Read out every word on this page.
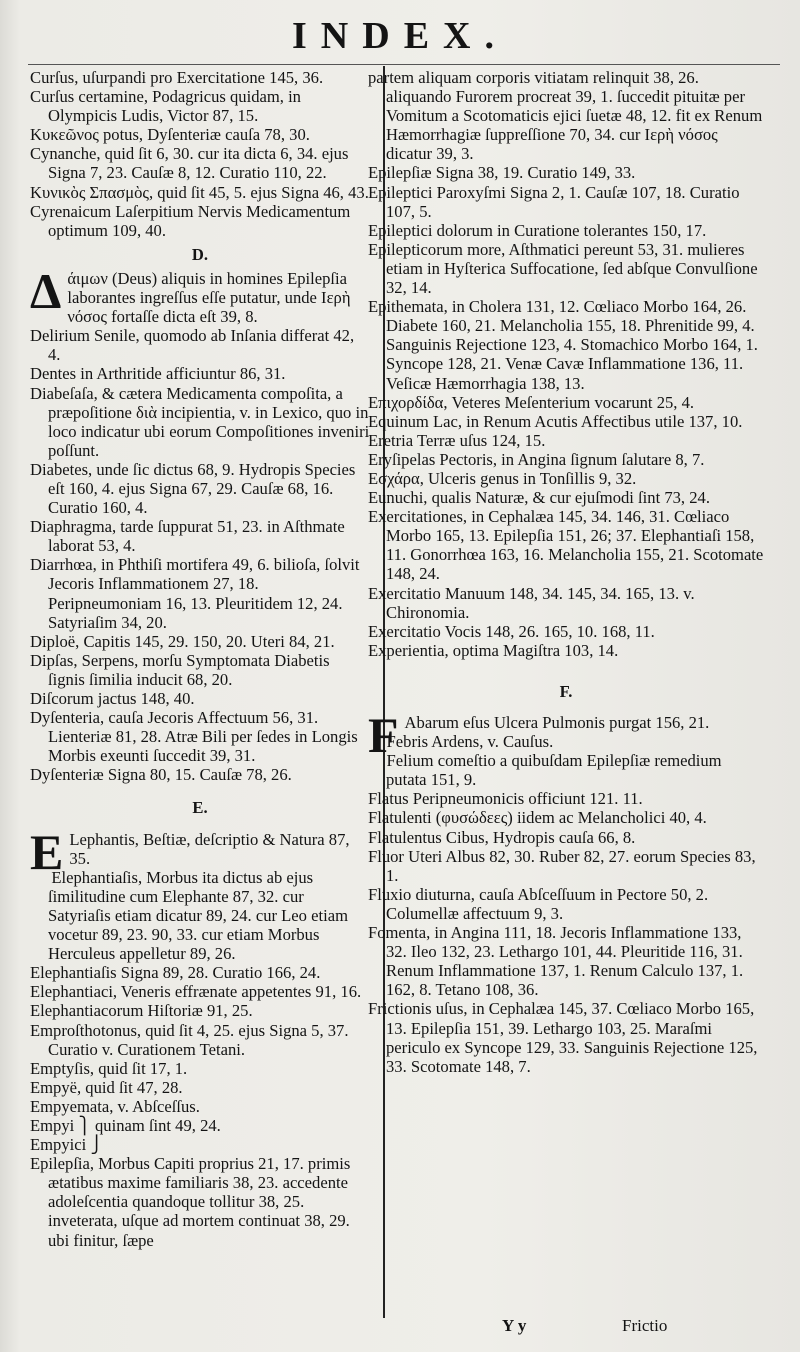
INDEX.

Curſus, uſurpandi pro Exercitatione 145, 36.

Curſus certamine, Podagricus quidam, in Olympicis Ludis, Victor 87, 15.

Κυκεῶνος potus, Dyſenteriæ cauſa 78, 30.

Cynanche, quid ſit 6, 30. cur ita dicta 6, 34. ejus Signa 7, 23. Cauſæ 8, 12. Curatio 110, 22.

Κυνικὸς Σπασμὸς, quid ſit 45, 5. ejus Signa 46, 43.

Cyrenaicum Laſerpitium Nervis Medicamentum optimum 109, 40.

D.

Δάιμων (Deus) aliquis in homines Epilepſia laborantes ingreſſus eſſe putatur, unde Ιερὴ νόσος fortaſſe dicta eſt 39, 8.

Delirium Senile, quomodo ab Inſania differat 42, 4.

Dentes in Arthritide afficiuntur 86, 31.

Diabeſaſa, & cætera Medicamenta compoſita, a præpoſitione διὰ incipientia, v. in Lexico, quo in loco indicatur ubi eorum Compoſitiones inveniri poſſunt.

Diabetes, unde ſic dictus 68, 9. Hydropis Species eſt 160, 4. ejus Signa 67, 29. Cauſæ 68, 16. Curatio 160, 4.

Diaphragma, tarde ſuppurat 51, 23. in Aſthmate laborat 53, 4.

Diarrhœa, in Phthiſi mortifera 49, 6. bilioſa, ſolvit Jecoris Inflammationem 27, 18. Peripneumoniam 16, 13. Pleuritidem 12, 24. Satyriaſim 34, 20.

Diploë, Capitis 145, 29. 150, 20. Uteri 84, 21.

Dipſas, Serpens, morſu Symptomata Diabetis ſignis ſimilia inducit 68, 20.

Diſcorum jactus 148, 40.

Dyſenteria, cauſa Jecoris Affectuum 56, 31. Lienteriæ 81, 28. Atræ Bili per ſedes in Longis Morbis exeunti ſuccedit 39, 31.

Dyſenteriæ Signa 80, 15. Cauſæ 78, 26.

E.

E Lephantis, Beſtiæ, deſcriptio & Natura 87, 35.

Elephantiaſis, Morbus ita dictus ab ejus ſimilitudine cum Elephante 87, 32. cur Satyriaſis etiam dicatur 89, 24. cur Leo etiam vocetur 89, 23. 90, 33. cur etiam Morbus Herculeus appelletur 89, 26.

Elephantiaſis Signa 89, 28. Curatio 166, 24.

Elephantiaci, Veneris effrænate appetentes 91, 16.

Elephantiacorum Hiſtoriæ 91, 25.

Emproſthotonus, quid ſit 4, 25. ejus Signa 5, 37. Curatio v. Curationem Tetani.

Emptyſis, quid ſit 17, 1.

Empyë, quid ſit 47, 28.

Empyemata, v. Abſceſſus.

Empyi ⎫ quinam ſint 49, 24.

Empyici ⎭

Epilepſia, Morbus Capiti proprius 21, 17. primis ætatibus maxime familiaris 38, 23. accedente adoleſcentia quandoque tollitur 38, 25. inveterata, uſque ad mortem continuat 38, 29. ubi finitur, ſæpe

partem aliquam corporis vitiatam relinquit 38, 26. aliquando Furorem procreat 39, 1. ſuccedit pituitæ per Vomitum a Scotomaticis ejici ſuetæ 48, 12. fit ex Renum Hæmorrhagiæ ſuppreſſione 70, 34. cur Ιερὴ νόσος dicatur 39, 3.

Epilepſiæ Signa 38, 19. Curatio 149, 33.

Epileptici Paroxyſmi Signa 2, 1. Cauſæ 107, 18. Curatio 107, 5.

Epileptici dolorum in Curatione tolerantes 150, 17.

Epilepticorum more, Aſthmatici pereunt 53, 31. mulieres etiam in Hyſterica Suffocatione, ſed abſque Convulſione 32, 14.

Epithemata, in Cholera 131, 12. Cœliaco Morbo 164, 26. Diabete 160, 21. Melancholia 155, 18. Phrenitide 99, 4. Sanguinis Rejectione 123, 4. Stomachico Morbo 164, 1. Syncope 128, 21. Venæ Cavæ Inflammatione 136, 11. Veſicæ Hæmorrhagia 138, 13.

Επιχορδίδα, Veteres Meſenterium vocarunt 25, 4.

Equinum Lac, in Renum Acutis Affectibus utile 137, 10.

Eretria Terræ uſus 124, 15.

Eryſipelas Pectoris, in Angina ſignum ſalutare 8, 7.

Εσχάρα, Ulceris genus in Tonſillis 9, 32.

Eunuchi, qualis Naturæ, & cur ejuſmodi ſint 73, 24.

Exercitationes, in Cephalæa 145, 34. 146, 31. Cœliaco Morbo 165, 13. Epilepſia 151, 26; 37. Elephantiaſi 158, 11. Gonorrhœa 163, 16. Melancholia 155, 21. Scotomate 148, 24.

Exercitatio Manuum 148, 34. 145, 34. 165, 13. v. Chironomia.

Exercitatio Vocis 148, 26. 165, 10. 168, 11.

Experientia, optima Magiſtra 103, 14.

F.

F Abarum eſus Ulcera Pulmonis purgat 156, 21.

Febris Ardens, v. Cauſus.

Felium comeſtio a quibuſdam Epilepſiæ remedium putata 151, 9.

Flatus Peripneumonicis officiunt 121. 11.

Flatulenti (φυσώδεες) iidem ac Melancholici 40, 4.

Flatulentus Cibus, Hydropis cauſa 66, 8.

Fluor Uteri Albus 82, 30. Ruber 82, 27. eorum Species 83, 1.

Fluxio diuturna, cauſa Abſceſſuum in Pectore 50, 2. Columellæ affectuum 9, 3.

Fomenta, in Angina 111, 18. Jecoris Inflammatione 133, 32. Ileo 132, 23. Lethargo 101, 44. Pleuritide 116, 31. Renum Inflammatione 137, 1. Renum Calculo 137, 1. 162, 8. Tetano 108, 36.

Frictionis uſus, in Cephalæa 145, 37. Cœliaco Morbo 165, 13. Epilepſia 151, 39. Lethargo 103, 25. Maraſmi periculo ex Syncope 129, 33. Sanguinis Rejectione 125, 33. Scotomate 148, 7.

Y y	Frictio
